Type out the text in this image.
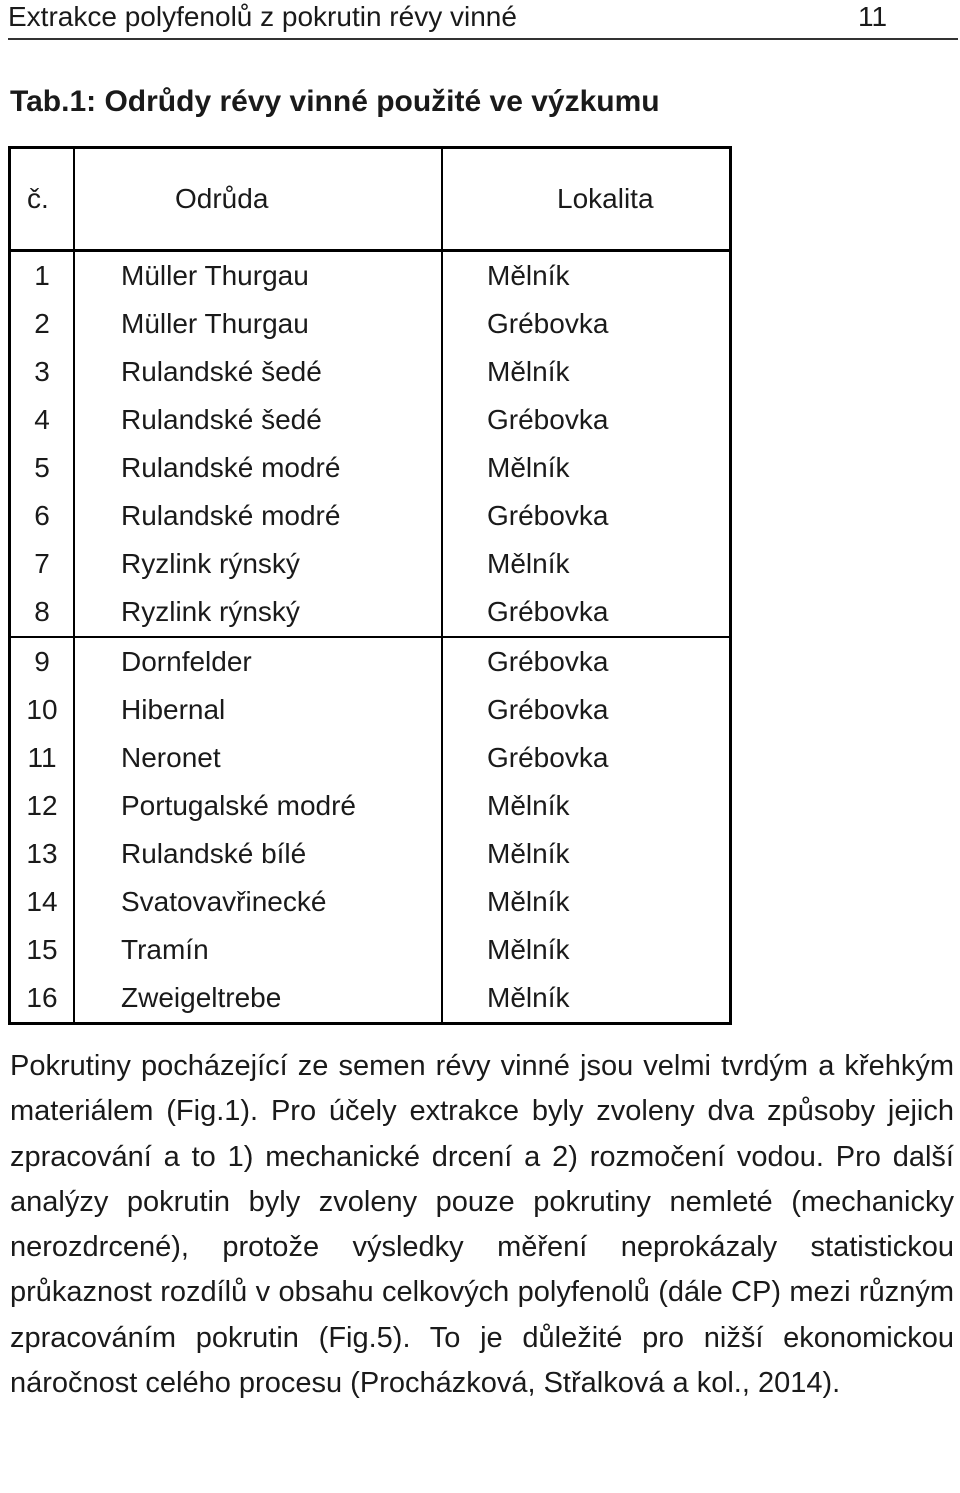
Extrakce polyfenolů z pokrutin révy vinné	11
Tab.1: Odrůdy révy vinné použité ve výzkumu
č.	Odrůda	Lokalita
1	Müller Thurgau	Mělník
2	Müller Thurgau	Grébovka
3	Rulandské šedé	Mělník
4	Rulandské šedé	Grébovka
5	Rulandské modré	Mělník
6	Rulandské modré	Grébovka
7	Ryzlink rýnský	Mělník
8	Ryzlink rýnský	Grébovka
9	Dornfelder	Grébovka
10	Hibernal	Grébovka
11	Neronet	Grébovka
12	Portugalské modré	Mělník
13	Rulandské bílé	Mělník
14	Svatovavřinecké	Mělník
15	Tramín	Mělník
16	Zweigeltrebe	Mělník
Pokrutiny pocházející ze semen révy vinné jsou velmi tvrdým a křehkým materiálem (Fig.1). Pro účely extrakce byly zvoleny dva způsoby jejich zpracování a to 1) mechanické drcení a 2) rozmočení vodou. Pro další analýzy pokrutin byly zvoleny pouze pokrutiny nemleté (mechanicky nerozdrcené), protože výsledky měření neprokázaly statistickou průkaznost rozdílů v obsahu celkových polyfenolů (dále CP) mezi různým zpracováním pokrutin (Fig.5). To je důležité pro nižší ekonomickou náročnost celého procesu (Procházková, Střalková a kol., 2014).
